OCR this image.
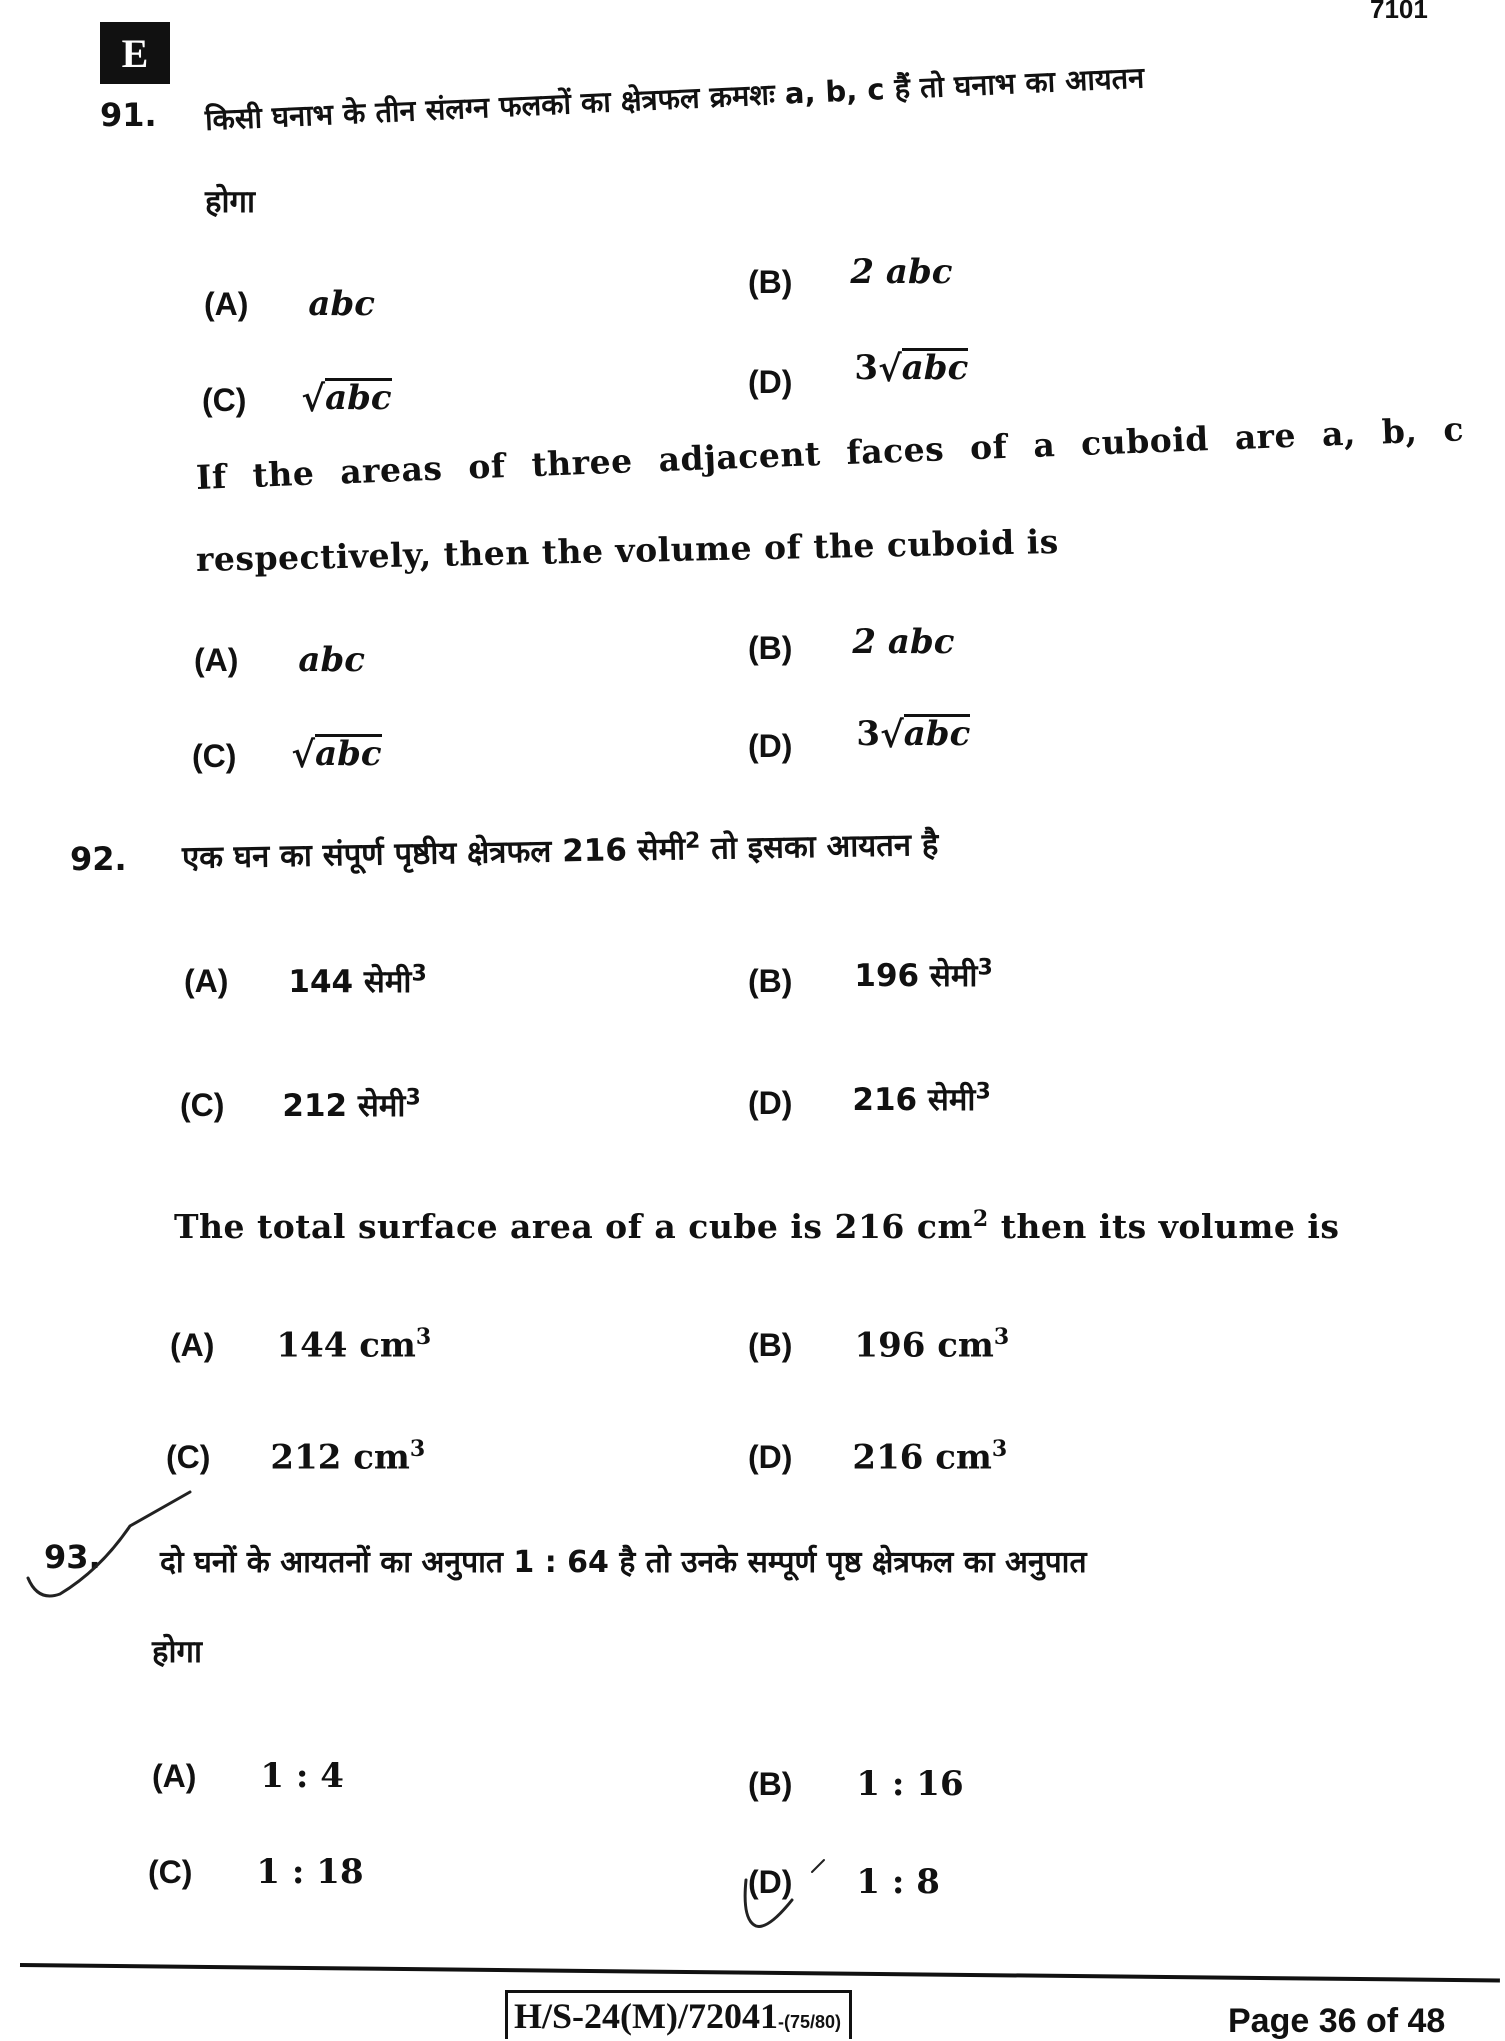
E
7101
91. किसी घनाभ के तीन संलग्न फलकों का क्षेत्रफल क्रमशः a, b, c हैं तो घनाभ का आयतन
होगा
(A) abc
(B) 2 abc
(C) √ abc	(D) 3 √ abc
If the areas of three adjacent faces of a cuboid are a, b, c
respectively, then the volume of the cuboid is
(A) abc	(B) 2 abc
(C) √ abc	(D) 3 √ abc
92. एक घन का संपूर्ण पृष्ठीय क्षेत्रफल 216 सेमी$^2$ तो इसका आयतन है
(A) 144 सेमी$^3$	(B) 196 सेमी$^3$
(C) 212 सेमी$^3$	(D) 216 सेमी$^3$
The total surface area of a cube is 216 $cm^2$ then its volume is
(A) 144 $cm^3$	(B) 196 $cm^3$
(C) 212 $cm^3$	(D) 216 $cm^3$
93. दो घनों के आयतनों का अनुपात 1 : 64 है तो उनके सम्पूर्ण पृष्ठ क्षेत्रफल का अनुपात
होगा
(A) 1 : 4	(B) 1 : 16
(C) 1 : 18	(D) 1 : 8
H/S-24(M)/72041-(75/80)	Page 36 of 48
